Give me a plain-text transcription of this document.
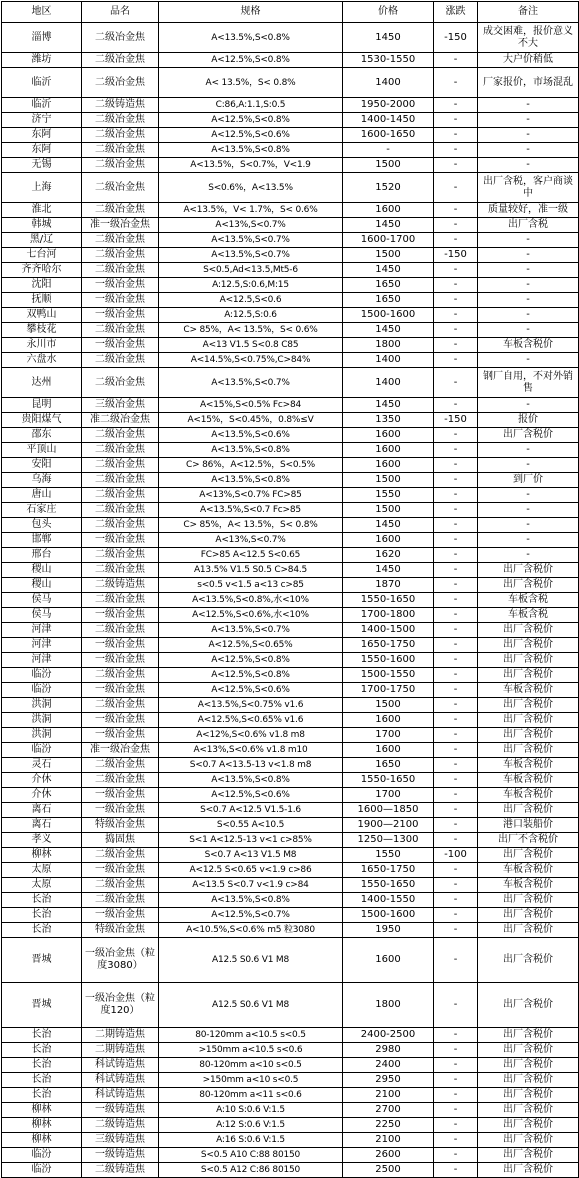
地区	品名	规格	价格	涨跌	备注
淄博	二级冶金焦	A<13.5%,S<0.8%	1450	-150	成交困难，报价意义不大
潍坊	二级冶金焦	A<12.5%,S<0.8%	1530-1550	-	大户价稍低
临沂	二级冶金焦	A< 13.5%，S< 0.8%	1400	-	厂家报价，市场混乱
临沂	二级铸造焦	C:86,A:1.1,S:0.5	1950-2000	-	-
济宁	二级冶金焦	A<12.5%,S<0.8%	1400-1450	-	-
东阿	二级冶金焦	A<12.5%,S<0.6%	1600-1650	-	-
东阿	二级冶金焦	A<13.5%,S<0.8%	-	-	-
无锡	二级冶金焦	A<13.5%，S<0.7%，V<1.9	1500	-	-
上海	二级冶金焦	S<0.6%，A<13.5%	1520	-	出厂含税，客户商谈中
淮北	二级冶金焦	A<13.5%，V< 1.7%，S< 0.6%	1600	-	质量较好，准一级
韩城	准一级冶金焦	A<13%,S<0.7%	1450	-	出厂含税
黑/辽	二级冶金焦	A<13.5%,S<0.7%	1600-1700	-	-
七台河	二级冶金焦	A<13.5%,S<0.7%	1500	-150	-
齐齐哈尔	二级冶金焦	S<0.5,Ad<13.5,Mt5-6	1450	-	-
沈阳	一级冶金焦	A:12.5,S:0.6,M:15	1650	-	-
抚顺	一级冶金焦	A<12.5,S<0.6	1650	-	-
双鸭山	一级冶金焦	A:12.5,S:0.6	1500-1600	-	-
攀枝花	二级冶金焦	C> 85%，A< 13.5%，S< 0.6%	1450	-	-
永川市	一级冶金焦	A<13 V1.5 S<0.8 C85	1800	-	车板含税价
六盘水	二级冶金焦	A<14.5%,S<0.75%,C>84%	1400	-	-
达州	二级冶金焦	A<13.5%,S<0.7%	1400	-	钢厂自用，不对外销售
昆明	三级冶金焦	A<15%,S<0.5% Fc>84	1450	-	-
贵阳煤气	准二级冶金焦	A<15%，S<0.45%，0.8%≤V	1350	-150	报价
邵东	二级冶金焦	A<13.5%,S<0.6%	1600	-	出厂含税价
平顶山	二级冶金焦	A<13.5%,S<0.8%	1600	-	-
安阳	二级冶金焦	C> 86%，A<12.5%，S<0.5%	1600	-	-
乌海	二级冶金焦	A<13.5%,S<0.8%	1500	-	到厂价
唐山	二级冶金焦	A<13%,S<0.7% FC>85	1550	-	-
石家庄	二级冶金焦	A<13.5%,S<0.7 Fc>85	1500	-	-
包头	二级冶金焦	C> 85%，A< 13.5%，S< 0.8%	1450	-	-
邯郸	一级冶金焦	A<13%,S<0.7%	1600	-	-
邢台	二级冶金焦	FC>85 A<12.5 S<0.65	1620	-	-
稷山	二级冶金焦	A13.5% V1.5 S0.5 C>84.5	1450	-	出厂含税价
稷山	二级铸造焦	s<0.5 v<1.5 a<13 c>85	1870	-	出厂含税价
侯马	二级冶金焦	A<13.5%,S<0.8%,水<10%	1550-1650	-	车板含税
侯马	一级冶金焦	A<12.5%,S<0.6%,水<10%	1700-1800	-	车板含税
河津	二级冶金焦	A<13.5%,S<0.7%	1400-1500	-	出厂含税价
河津	一级冶金焦	A<12.5%,S<0.65%	1650-1750	-	出厂含税价
河津	一级冶金焦	A<12.5%,S<0.8%	1550-1600	-	出厂含税价
临汾	二级冶金焦	A<12.5%,S<0.8%	1500-1550	-	出厂含税价
临汾	一级冶金焦	A<12.5%,S<0.6%	1700-1750	-	车板含税价
洪洞	二级冶金焦	A<13.5%,S<0.75% v1.6	1500	-	出厂含税价
洪洞	一级冶金焦	A<12.5%,S<0.65% v1.6	1600	-	出厂含税价
洪洞	一级冶金焦	A<12%,S<0.6% v1.8 m8	1700	-	出厂含税价
临汾	准一级冶金焦	A<13%,S<0.6% v1.8 m10	1600	-	出厂含税价
灵石	二级冶金焦	S<0.7 A<13.5-13 v<1.8 m8	1650	-	车板含税价
介休	二级冶金焦	A<13.5%,S<0.8%	1550-1650	-	车板含税价
介休	一级冶金焦	A<12.5%,S<0.6%	1700	-	车板含税价
离石	一级冶金焦	S<0.7 A<12.5 V1.5-1.6	1600—1850	-	出厂含税价
离石	特级冶金焦	S<0.55 A<10.5	1900—2100	-	港口装船价
孝义	捣固焦	S<1 A<12.5-13 v<1 c>85%	1250—1300	-	出厂不含税价
柳林	二级冶金焦	S<0.7 A<13 V1.5 M8	1550	-100	出厂含税价
太原	一级冶金焦	A<12.5 S<0.65 v<1.9 c>86	1650-1750	-	车板含税价
太原	二级冶金焦	A<13.5 S<0.7 v<1.9 c>84	1550-1650	-	车板含税价
长治	二级冶金焦	A<13.5%,S<0.8%	1400-1550	-	出厂含税价
长治	一级冶金焦	A<12.5%,S<0.7%	1500-1600	-	出厂含税价
长治	特级冶金焦	A<10.5%,S<0.6% m5 粒3080	1950	-	出厂含税价
晋城	一级冶金焦（粒度3080）	A12.5 S0.6 V1 M8	1600	-	出厂含税价
晋城	一级冶金焦（粒度120）	A12.5 S0.6 V1 M8	1800	-	出厂含税价
长治	二期铸造焦	80-120mm a<10.5 s<0.5	2400-2500	-	出厂含税价
长治	二期铸造焦	>150mm a<10.5 s<0.6	2980	-	出厂含税价
长治	科试铸造焦	80-120mm a<10 s<0.5	2400	-	出厂含税价
长治	科试铸造焦	>150mm a<10 s<0.5	2950	-	出厂含税价
长治	科试铸造焦	80-120mm a<11 s<0.6	2100	-	出厂含税价
柳林	一级铸造焦	A:10 S:0.6 V:1.5	2700	-	出厂含税价
柳林	二级铸造焦	A:12 S:0.6 V:1.5	2250	-	出厂含税价
柳林	三级铸造焦	A:16 S:0.6 V:1.5	2100	-	出厂含税价
临汾	一级铸造焦	S<0.5 A10 C:88 80150	2600	-	出厂含税价
临汾	二级铸造焦	S<0.5 A12 C:86 80150	2500	-	出厂含税价
